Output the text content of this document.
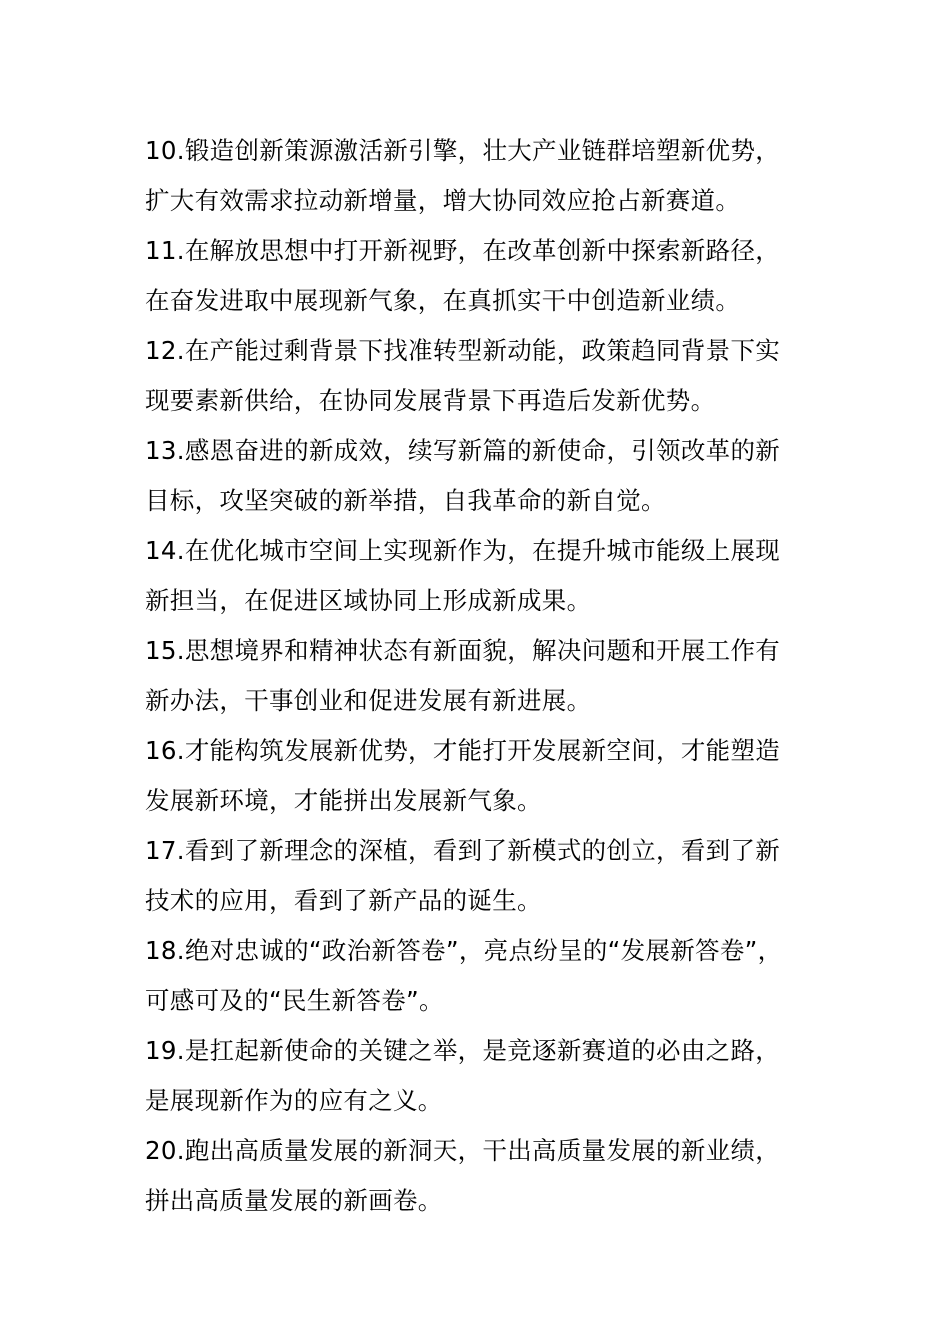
10.锻造创新策源激活新引擎，壮大产业链群培塑新优势，
扩大有效需求拉动新增量，增大协同效应抢占新赛道。
11.在解放思想中打开新视野，在改革创新中探索新路径，
在奋发进取中展现新气象，在真抓实干中创造新业绩。
12.在产能过剩背景下找准转型新动能，政策趋同背景下实
现要素新供给，在协同发展背景下再造后发新优势。
13.感恩奋进的新成效，续写新篇的新使命，引领改革的新
目标，攻坚突破的新举措，自我革命的新自觉。
14.在优化城市空间上实现新作为，在提升城市能级上展现
新担当，在促进区域协同上形成新成果。
15.思想境界和精神状态有新面貌，解决问题和开展工作有
新办法，干事创业和促进发展有新进展。
16.才能构筑发展新优势，才能打开发展新空间，才能塑造
发展新环境，才能拼出发展新气象。
17.看到了新理念的深植，看到了新模式的创立，看到了新
技术的应用，看到了新产品的诞生。
18.绝对忠诚的“政治新答卷”，亮点纷呈的“发展新答卷”，
可感可及的“民生新答卷”。
19.是扛起新使命的关键之举，是竞逐新赛道的必由之路，
是展现新作为的应有之义。
20.跑出高质量发展的新洞天，干出高质量发展的新业绩，
拼出高质量发展的新画卷。
